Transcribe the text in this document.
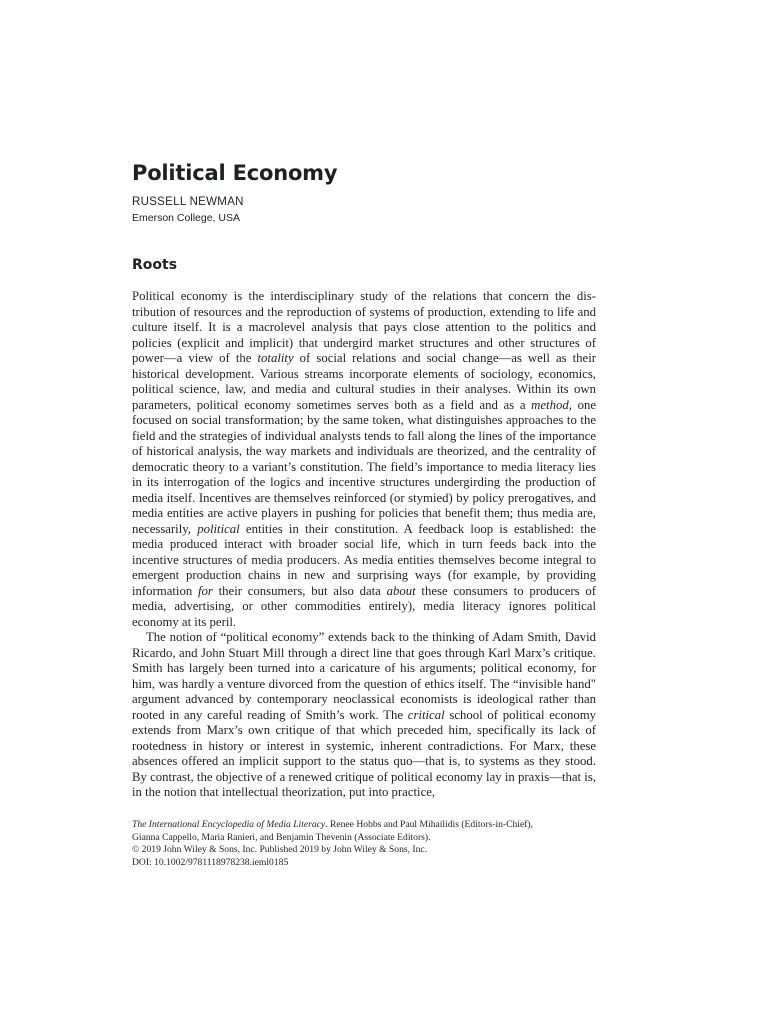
Political Economy
RUSSELL NEWMAN
Emerson College, USA
Roots

Political economy is the interdisciplinary study of the relations that concern the distribution of resources and the reproduction of systems of production, extending to life and culture itself. It is a macrolevel analysis that pays close attention to the politics and policies (explicit and implicit) that undergird market structures and other structures of power—a view of the totality of social relations and social change—as well as their historical development. Various streams incorporate elements of sociology, economics, political science, law, and media and cultural studies in their analyses. Within its own parameters, political economy sometimes serves both as a field and as a method, one focused on social transformation; by the same token, what distinguishes approaches to the field and the strategies of individual analysts tends to fall along the lines of the importance of historical analysis, the way markets and individuals are theorized, and the centrality of democratic theory to a variant’s constitution. The field’s importance to media literacy lies in its interrogation of the logics and incentive structures undergirding the production of media itself. Incentives are themselves reinforced (or stymied) by policy prerogatives, and media entities are active players in pushing for policies that benefit them; thus media are, necessarily, political entities in their constitution. A feedback loop is established: the media produced interact with broader social life, which in turn feeds back into the incentive structures of media producers. As media entities themselves become integral to emergent production chains in new and surprising ways (for example, by providing information for their consumers, but also data about these consumers to producers of media, advertising, or other commodities entirely), media literacy ignores political economy at its peril.

The notion of “political economy” extends back to the thinking of Adam Smith, David Ricardo, and John Stuart Mill through a direct line that goes through Karl Marx’s critique. Smith has largely been turned into a caricature of his arguments; political economy, for him, was hardly a venture divorced from the question of ethics itself. The “invisible hand" argument advanced by contemporary neoclassical economists is ideological rather than rooted in any careful reading of Smith’s work. The critical school of political economy extends from Marx’s own critique of that which preceded him, specifically its lack of rootedness in history or interest in systemic, inherent contradictions. For Marx, these absences offered an implicit support to the status quo—that is, to systems as they stood. By contrast, the objective of a renewed critique of political economy lay in praxis—that is, in the notion that intellectual theorization, put into practice,

The International Encyclopedia of Media Literacy. Renee Hobbs and Paul Mihailidis (Editors-in-Chief),
Gianna Cappello, Maria Ranieri, and Benjamin Thevenin (Associate Editors).
© 2019 John Wiley & Sons, Inc. Published 2019 by John Wiley & Sons, Inc.
DOI: 10.1002/9781118978238.ieml0185
